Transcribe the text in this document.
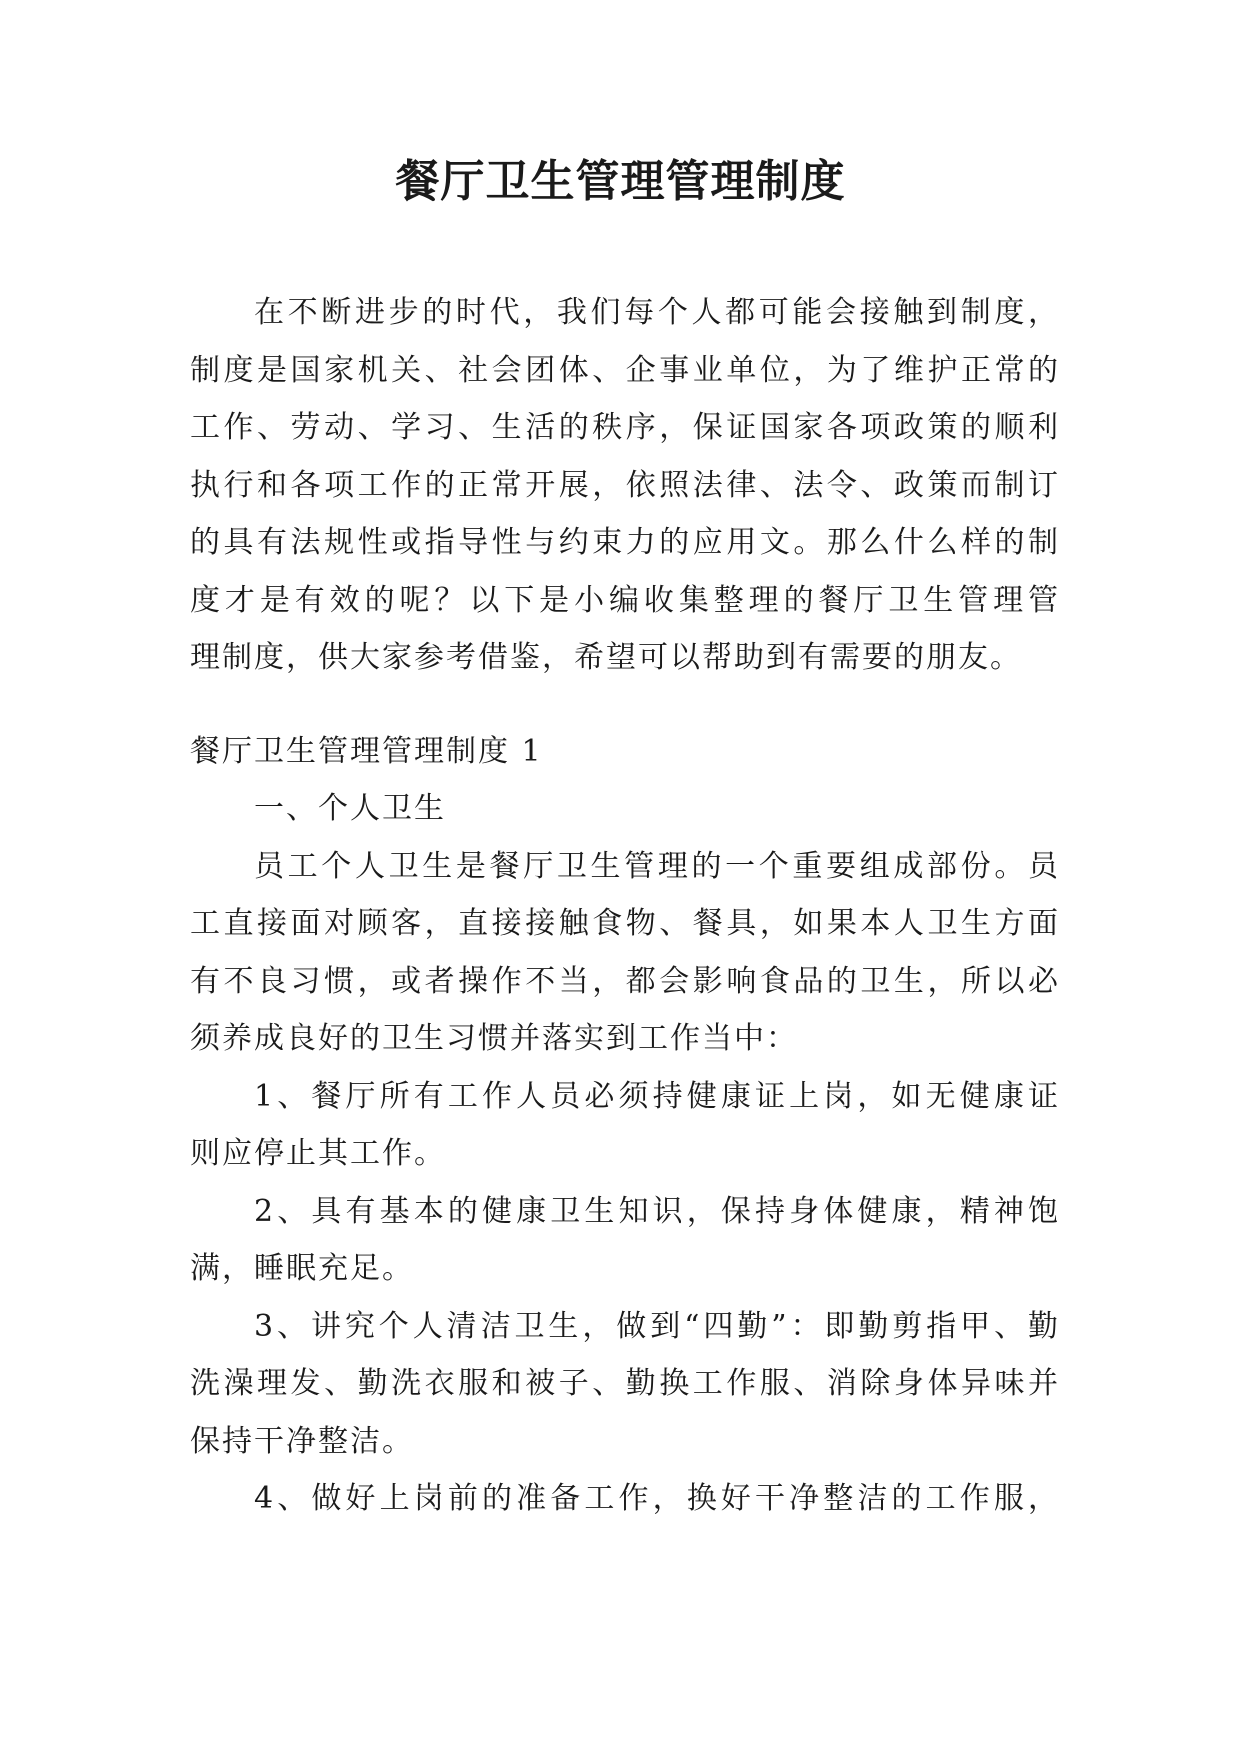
餐厅卫生管理管理制度
在不断进步的时代，我们每个人都可能会接触到制度，
制度是国家机关、社会团体、企事业单位，为了维护正常的
工作、劳动、学习、生活的秩序，保证国家各项政策的顺利
执行和各项工作的正常开展，依照法律、法令、政策而制订
的具有法规性或指导性与约束力的应用文。那么什么样的制
度才是有效的呢？以下是小编收集整理的餐厅卫生管理管
理制度，供大家参考借鉴，希望可以帮助到有需要的朋友。
餐厅卫生管理管理制度 1
一、个人卫生
员工个人卫生是餐厅卫生管理的一个重要组成部份。员
工直接面对顾客，直接接触食物、餐具，如果本人卫生方面
有不良习惯，或者操作不当，都会影响食品的卫生，所以必
须养成良好的卫生习惯并落实到工作当中：
1、餐厅所有工作人员必须持健康证上岗，如无健康证
则应停止其工作。
2、具有基本的健康卫生知识，保持身体健康，精神饱
满，睡眠充足。
3、讲究个人清洁卫生，做到“四勤”：即勤剪指甲、勤
洗澡理发、勤洗衣服和被子、勤换工作服、消除身体异味并
保持干净整洁。
4、做好上岗前的准备工作，换好干净整洁的工作服，
